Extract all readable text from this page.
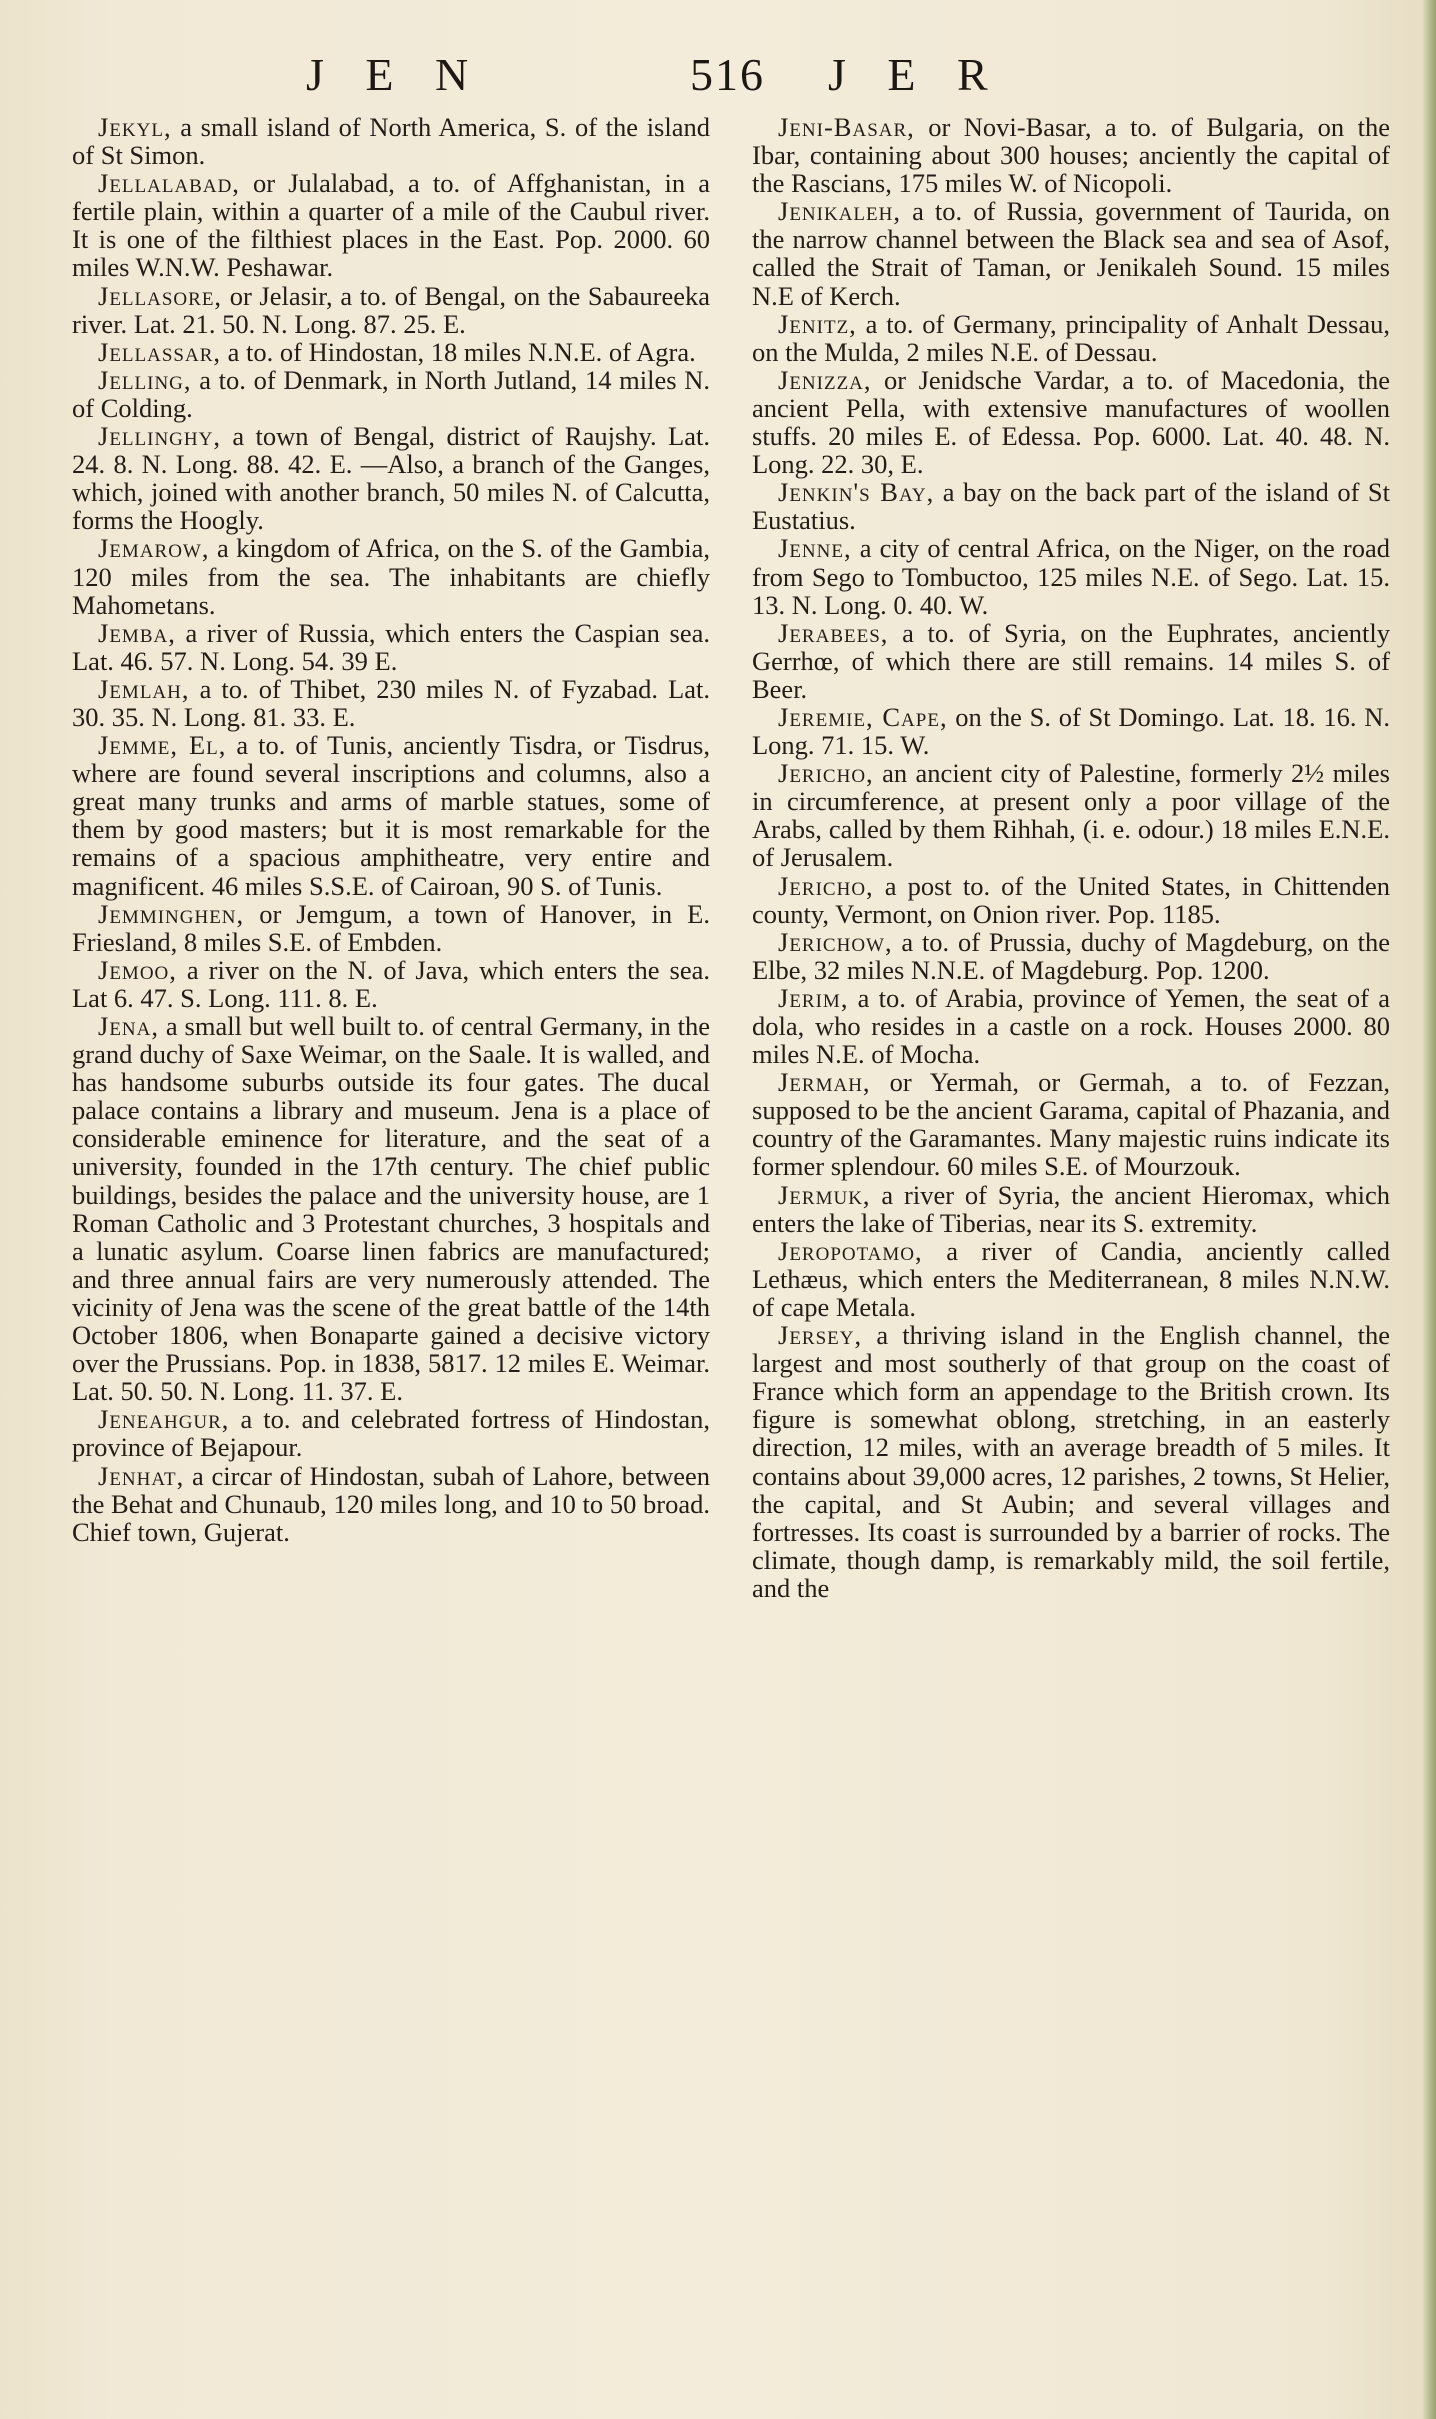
J E N	516 J E R

Jekyl, a small island of North America, S. of the island of St Simon.

Jellalabad, or Julalabad, a to. of Affghanistan, in a fertile plain, within a quarter of a mile of the Caubul river. It is one of the filthiest places in the East. Pop. 2000. 60 miles W.N.W. Peshawar.

Jellasore, or Jelasir, a to. of Bengal, on the Sabaureeka river. Lat. 21. 50. N. Long. 87. 25. E.

Jellassar, a to. of Hindostan, 18 miles N.N.E. of Agra.

Jelling, a to. of Denmark, in North Jutland, 14 miles N. of Colding.

Jellinghy, a town of Bengal, district of Raujshy. Lat. 24. 8. N. Long. 88. 42. E. —Also, a branch of the Ganges, which, joined with another branch, 50 miles N. of Calcutta, forms the Hoogly.

Jemarow, a kingdom of Africa, on the S. of the Gambia, 120 miles from the sea. The inhabitants are chiefly Mahometans.

Jemba, a river of Russia, which enters the Caspian sea. Lat. 46. 57. N. Long. 54. 39 E.

Jemlah, a to. of Thibet, 230 miles N. of Fyzabad. Lat. 30. 35. N. Long. 81. 33. E.

Jemme, El, a to. of Tunis, anciently Tisdra, or Tisdrus, where are found several inscriptions and columns, also a great many trunks and arms of marble statues, some of them by good masters; but it is most remarkable for the remains of a spacious amphitheatre, very entire and magnificent. 46 miles S.S.E. of Cairoan, 90 S. of Tunis.

Jemminghen, or Jemgum, a town of Hanover, in E. Friesland, 8 miles S.E. of Embden.

Jemoo, a river on the N. of Java, which enters the sea. Lat 6. 47. S. Long. 111. 8. E.

Jena, a small but well built to. of central Germany, in the grand duchy of Saxe Weimar, on the Saale. It is walled, and has handsome suburbs outside its four gates. The ducal palace contains a library and museum. Jena is a place of considerable eminence for literature, and the seat of a university, founded in the 17th century. The chief public buildings, besides the palace and the university house, are 1 Roman Catholic and 3 Protestant churches, 3 hospitals and a lunatic asylum. Coarse linen fabrics are manufactured; and three annual fairs are very numerously attended. The vicinity of Jena was the scene of the great battle of the 14th October 1806, when Bonaparte gained a decisive victory over the Prussians. Pop. in 1838, 5817. 12 miles E. Weimar. Lat. 50. 50. N. Long. 11. 37. E.

Jeneahgur, a to. and celebrated fortress of Hindostan, province of Bejapour.

Jenhat, a circar of Hindostan, subah of Lahore, between the Behat and Chunaub, 120 miles long, and 10 to 50 broad. Chief town, Gujerat.

Jeni-Basar, or Novi-Basar, a to. of Bulgaria, on the Ibar, containing about 300 houses; anciently the capital of the Rascians, 175 miles W. of Nicopoli.

Jenikaleh, a to. of Russia, government of Taurida, on the narrow channel between the Black sea and sea of Asof, called the Strait of Taman, or Jenikaleh Sound. 15 miles N.E of Kerch.

Jenitz, a to. of Germany, principality of Anhalt Dessau, on the Mulda, 2 miles N.E. of Dessau.

Jenizza, or Jenidsche Vardar, a to. of Macedonia, the ancient Pella, with extensive manufactures of woollen stuffs. 20 miles E. of Edessa. Pop. 6000. Lat. 40. 48. N. Long. 22. 30, E.

Jenkin's Bay, a bay on the back part of the island of St Eustatius.

Jenne, a city of central Africa, on the Niger, on the road from Sego to Tombuctoo, 125 miles N.E. of Sego. Lat. 15. 13. N. Long. 0. 40. W.

Jerabees, a to. of Syria, on the Euphrates, anciently Gerrhœ, of which there are still remains. 14 miles S. of Beer.

Jeremie, Cape, on the S. of St Domingo. Lat. 18. 16. N. Long. 71. 15. W.

Jericho, an ancient city of Palestine, formerly 2½ miles in circumference, at present only a poor village of the Arabs, called by them Rihhah, (i. e. odour.) 18 miles E.N.E. of Jerusalem.

Jericho, a post to. of the United States, in Chittenden county, Vermont, on Onion river. Pop. 1185.

Jerichow, a to. of Prussia, duchy of Magdeburg, on the Elbe, 32 miles N.N.E. of Magdeburg. Pop. 1200.

Jerim, a to. of Arabia, province of Yemen, the seat of a dola, who resides in a castle on a rock. Houses 2000. 80 miles N.E. of Mocha.

Jermah, or Yermah, or Germah, a to. of Fezzan, supposed to be the ancient Garama, capital of Phazania, and country of the Garamantes. Many majestic ruins indicate its former splendour. 60 miles S.E. of Mourzouk.

Jermuk, a river of Syria, the ancient Hieromax, which enters the lake of Tiberias, near its S. extremity.

Jeropotamo, a river of Candia, anciently called Lethæus, which enters the Mediterranean, 8 miles N.N.W. of cape Metala.

Jersey, a thriving island in the English channel, the largest and most southerly of that group on the coast of France which form an appendage to the British crown. Its figure is somewhat oblong, stretching, in an easterly direction, 12 miles, with an average breadth of 5 miles. It contains about 39,000 acres, 12 parishes, 2 towns, St Helier, the capital, and St Aubin; and several villages and fortresses. Its coast is surrounded by a barrier of rocks. The climate, though damp, is remarkably mild, the soil fertile, and the
